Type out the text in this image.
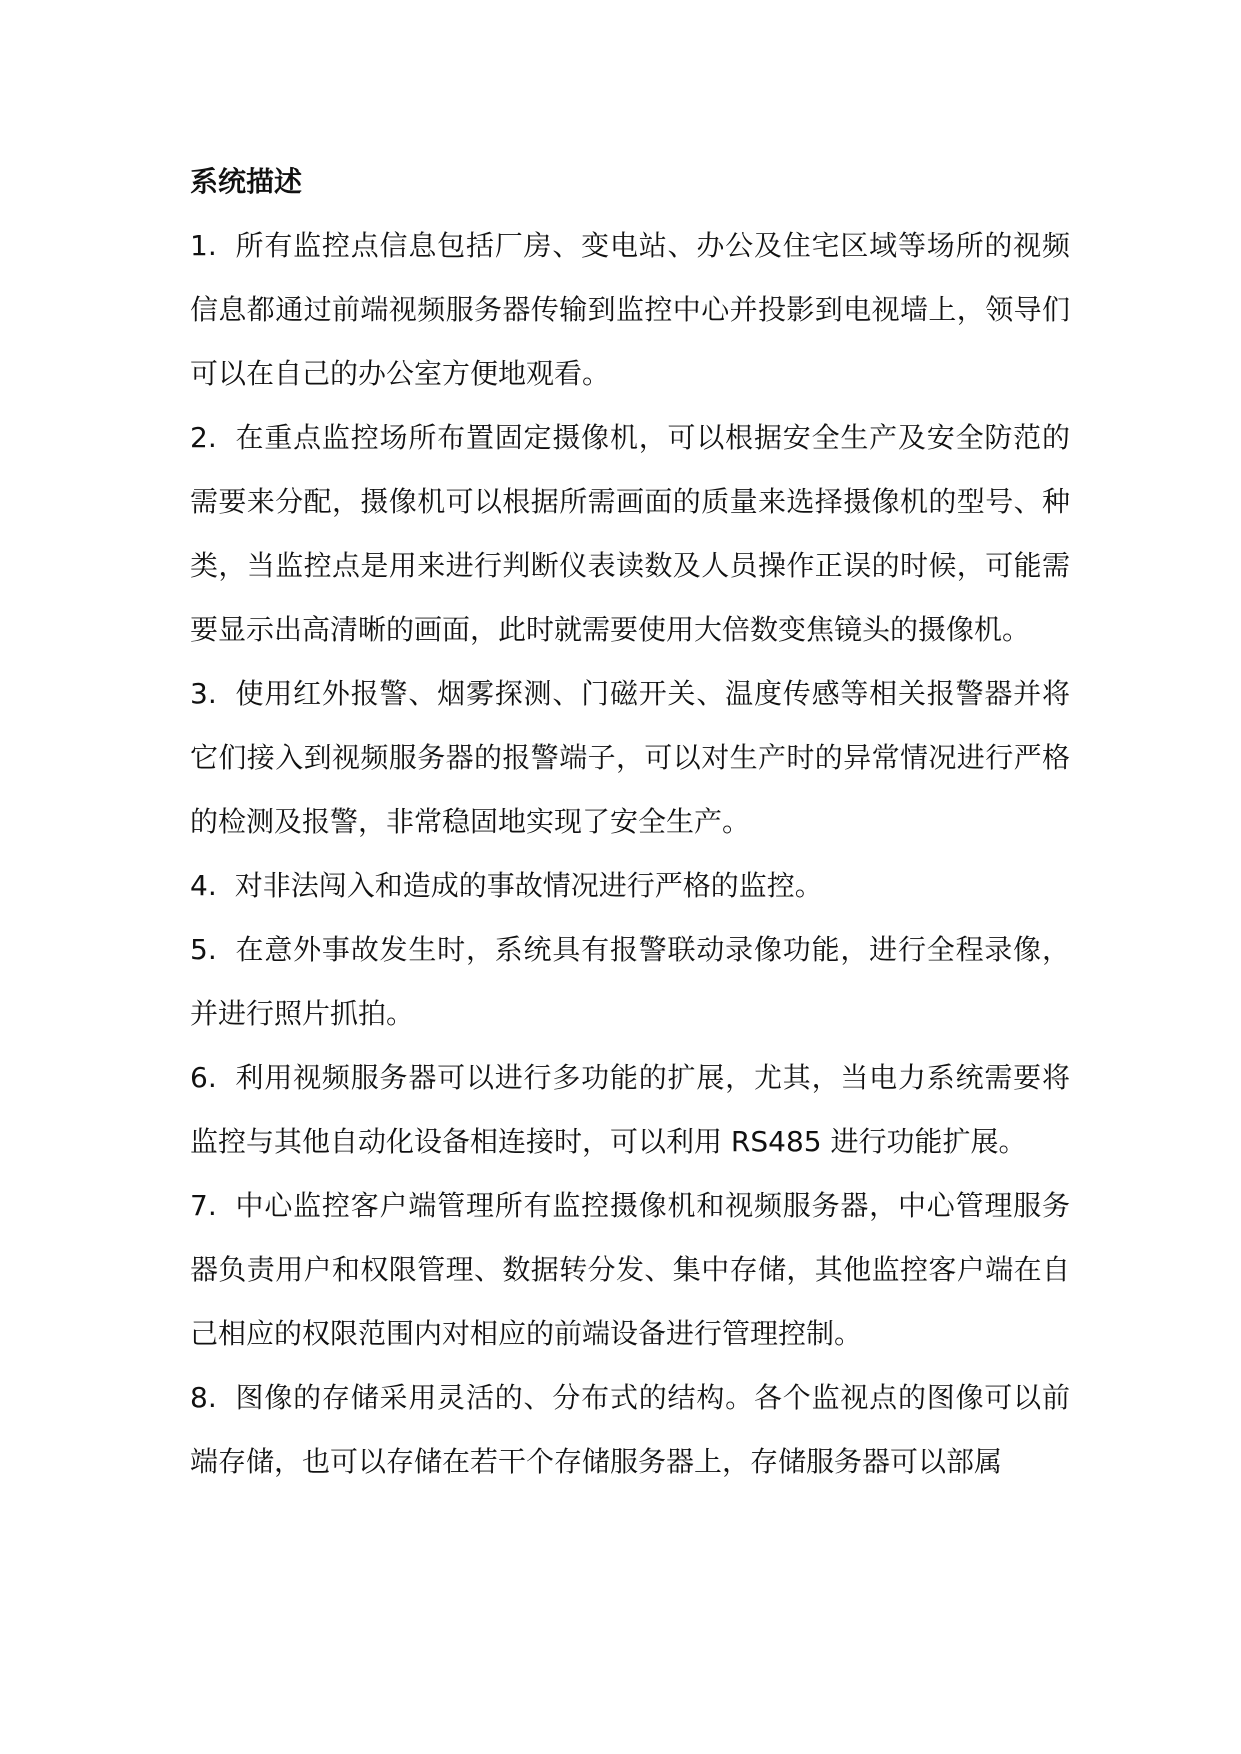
系统描述
1. 所有监控点信息包括厂房、变电站、办公及住宅区域等场所的视频信息都通过前端视频服务器传输到监控中心并投影到电视墙上，领导们可以在自己的办公室方便地观看。
2. 在重点监控场所布置固定摄像机，可以根据安全生产及安全防范的需要来分配，摄像机可以根据所需画面的质量来选择摄像机的型号、种类，当监控点是用来进行判断仪表读数及人员操作正误的时候，可能需要显示出高清晰的画面，此时就需要使用大倍数变焦镜头的摄像机。
3. 使用红外报警、烟雾探测、门磁开关、温度传感等相关报警器并将它们接入到视频服务器的报警端子，可以对生产时的异常情况进行严格的检测及报警，非常稳固地实现了安全生产。
4. 对非法闯入和造成的事故情况进行严格的监控。
5. 在意外事故发生时，系统具有报警联动录像功能，进行全程录像，并进行照片抓拍。
6. 利用视频服务器可以进行多功能的扩展，尤其，当电力系统需要将监控与其他自动化设备相连接时，可以利用 RS485 进行功能扩展。
7. 中心监控客户端管理所有监控摄像机和视频服务器，中心管理服务器负责用户和权限管理、数据转分发、集中存储，其他监控客户端在自己相应的权限范围内对相应的前端设备进行管理控制。
8. 图像的存储采用灵活的、分布式的结构。各个监视点的图像可以前端存储，也可以存储在若干个存储服务器上，存储服务器可以部属
